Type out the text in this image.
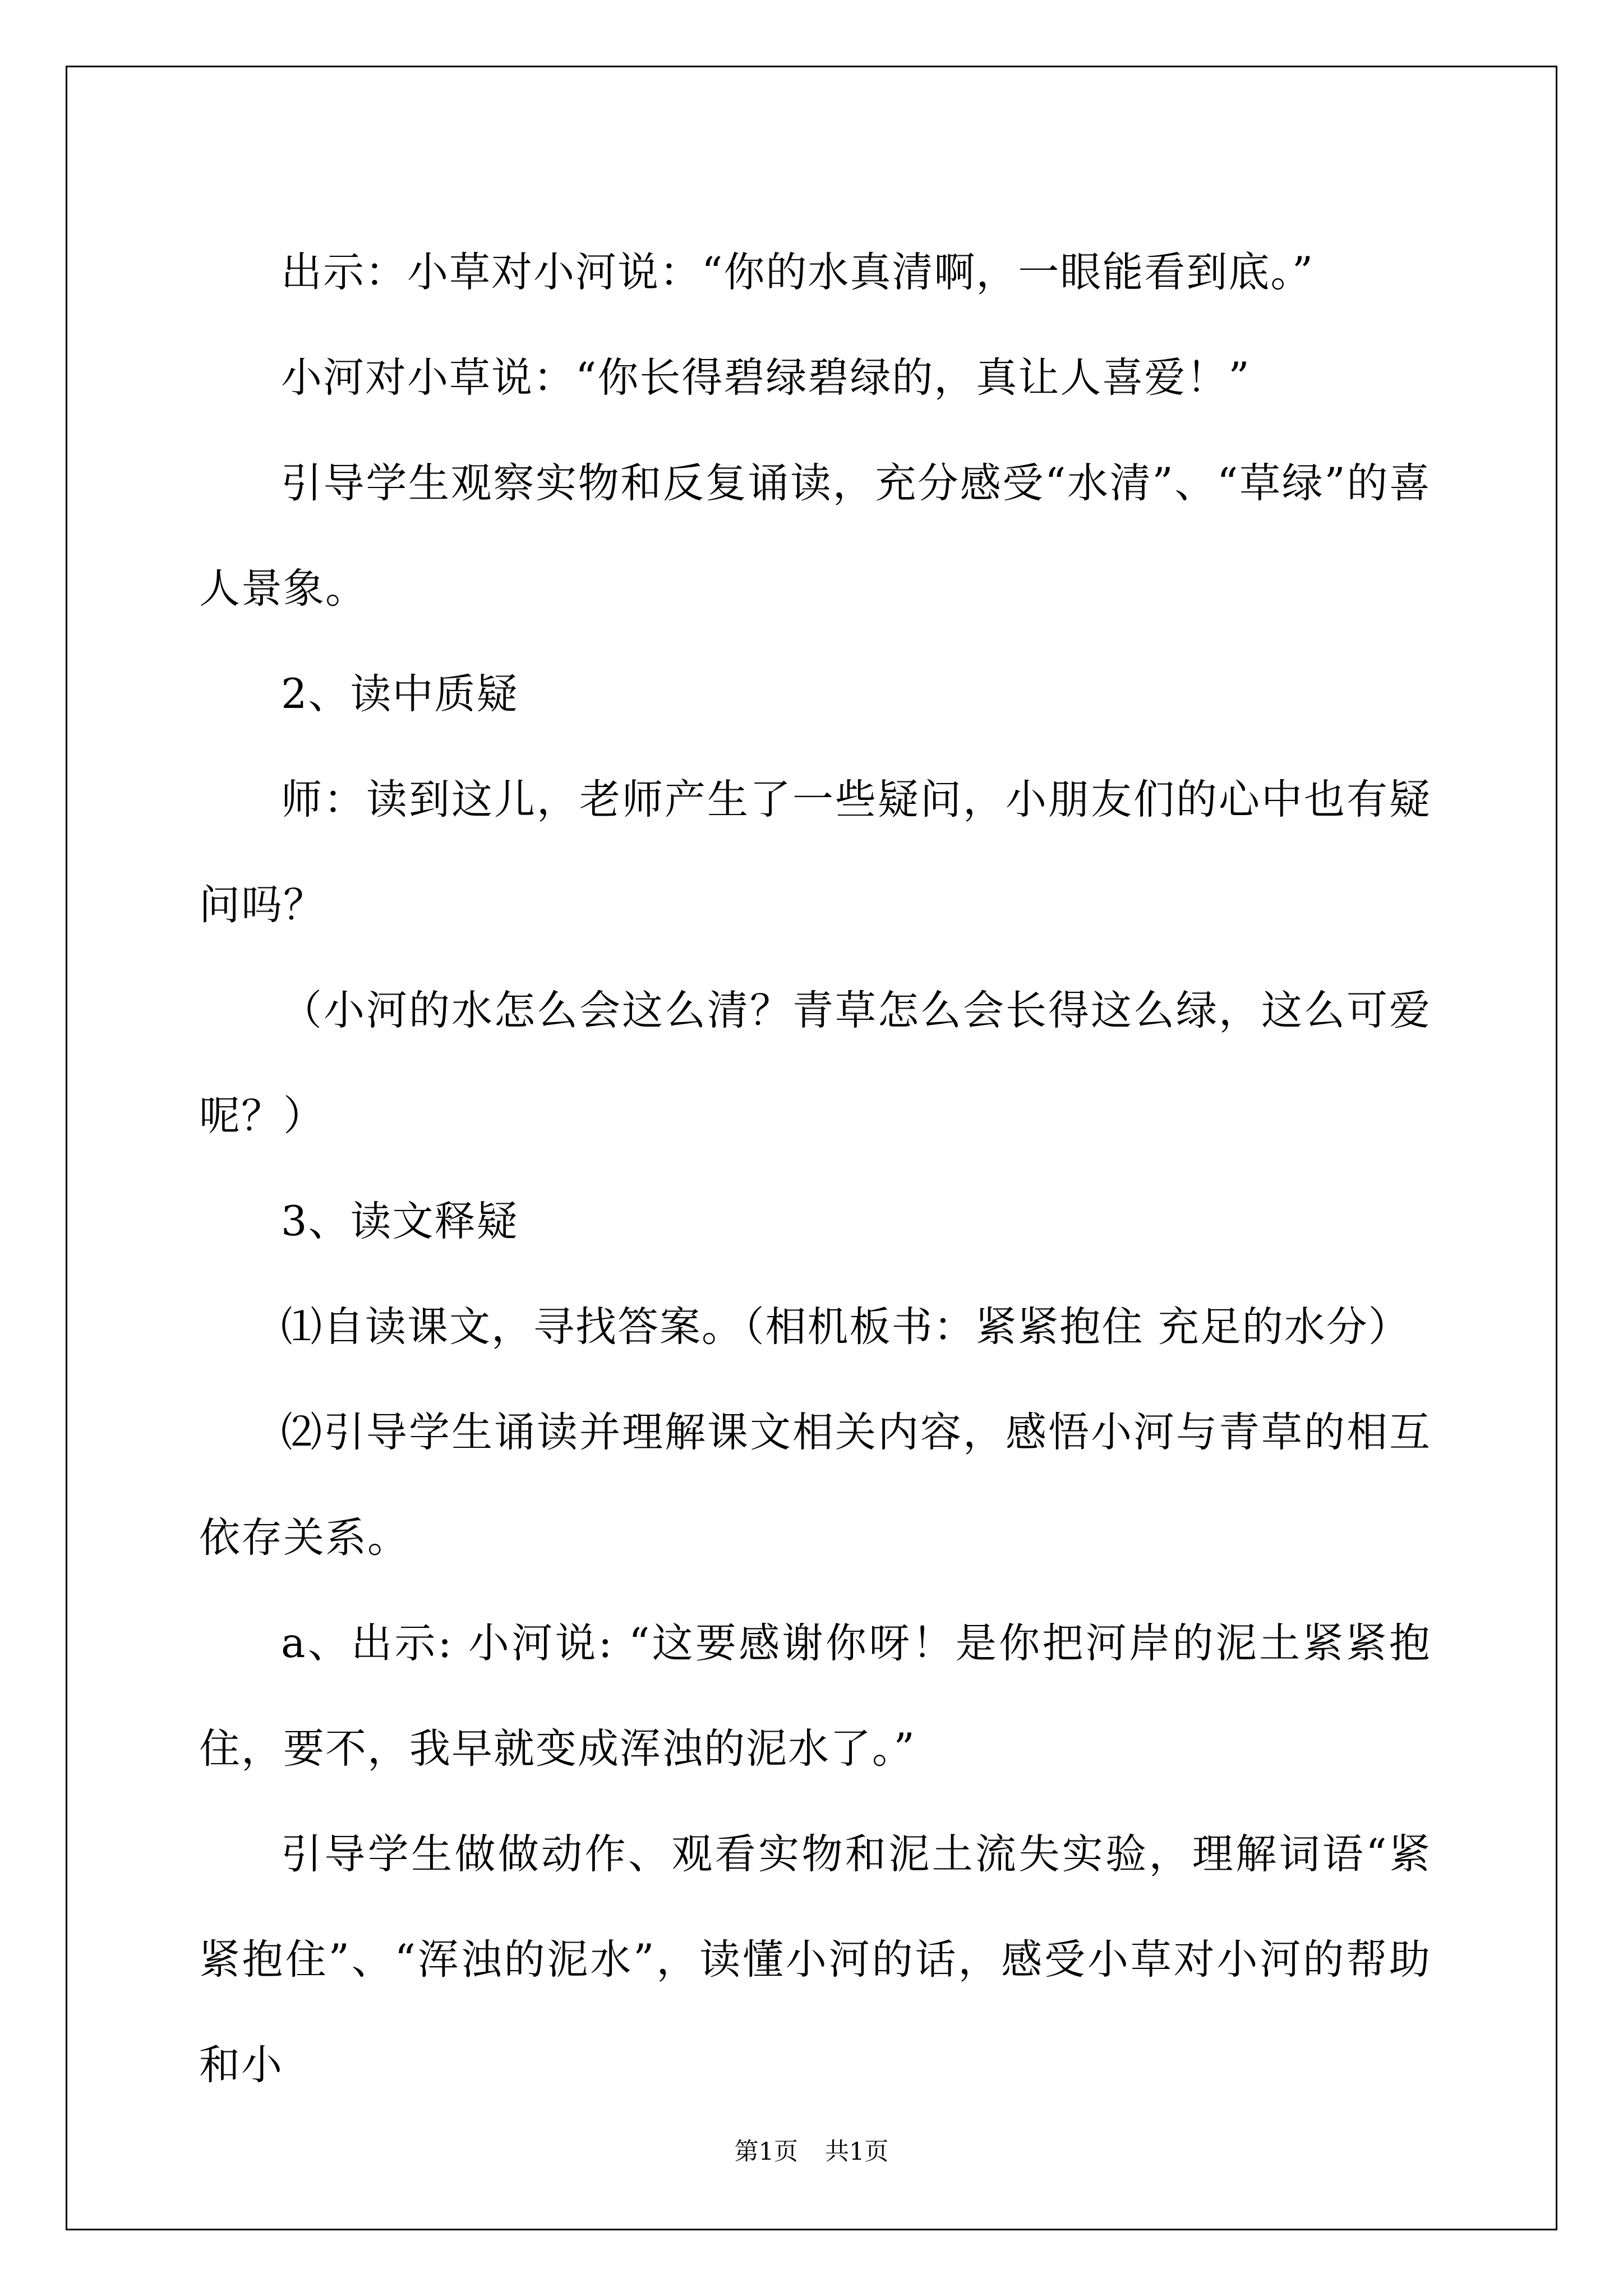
出示：小草对小河说：“你的水真清啊，一眼能看到底。”

小河对小草说：“你长得碧绿碧绿的，真让人喜爱！”

引导学生观察实物和反复诵读，充分感受“水清”、“草绿”的喜人景象。

2、读中质疑

师：读到这儿，老师产生了一些疑问，小朋友们的心中也有疑问吗？

（小河的水怎么会这么清？青草怎么会长得这么绿，这么可爱呢？）

3、读文释疑

⑴自读课文，寻找答案。（相机板书：紧紧抱住 充足的水分）

⑵引导学生诵读并理解课文相关内容，感悟小河与青草的相互依存关系。

a、出示: 小河说: “这要感谢你呀！是你把河岸的泥土紧紧抱住，要不，我早就变成浑浊的泥水了。”

引导学生做做动作、观看实物和泥土流失实验，理解词语“紧紧抱住”、“浑浊的泥水”，读懂小河的话，感受小草对小河的帮助和小

第1页 共1页
